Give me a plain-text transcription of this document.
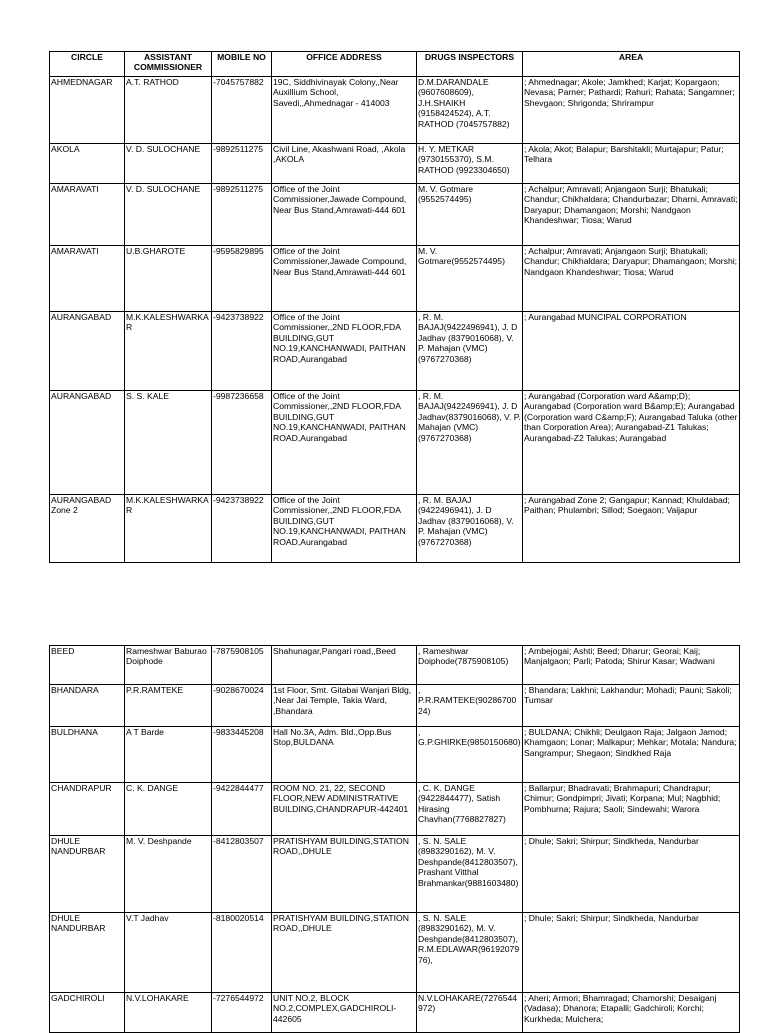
CIRCLE	ASSISTANT COMMISSIONER	MOBILE NO	OFFICE ADDRESS	DRUGS INSPECTORS	AREA
AHMEDNAGAR	A.T. RATHOD	-7045757882	19C, Siddhivinayak Colony,,Near Auxillium School, Savedi,,Ahmednagar - 414003	D.M.DARANDALE (9607608609), J.H.SHAIKH (9158424524), A.T. RATHOD (7045757882)	; Ahmednagar; Akole; Jamkhed; Karjat; Kopargaon; Nevasa; Parner; Pathardi; Rahuri; Rahata; Sangamner; Shevgaon; Shrigonda; Shrirampur
AKOLA	V. D. SULOCHANE	-9892511275	Civil Line, Akashwani Road, ,Akola ,AKOLA	H. Y. METKAR (9730155370), S.M. RATHOD (9923304650)	; Akola; Akot; Balapur; Barshitakli; Murtajapur; Patur; Telhara
AMARAVATI	V. D. SULOCHANE	-9892511275	Office of the Joint Commissioner,Jawade Compound, Near Bus Stand,Amrawati-444 601	M. V. Gotmare (9552574495)	; Achalpur; Amravati; Anjangaon Surji; Bhatukali; Chandur; Chikhaldara; Chandurbazar; Dharni, Amravati; Daryapur; Dhamangaon; Morshi; Nandgaon Khandeshwar; Tiosa; Warud
AMARAVATI	U.B.GHAROTE	-9595829895	Office of the Joint Commissioner,Jawade Compound, Near Bus Stand,Amrawati-444 601	M. V. Gotmare(9552574495)	; Achalpur; Amravati; Anjangaon Surji; Bhatukali; Chandur; Chikhaldara; Daryapur; Dhamangaon; Morshi; Nandgaon Khandeshwar; Tiosa; Warud
AURANGABAD	M.K.KALESHWARKAR	-9423738922	Office of the Joint Commissioner,,2ND FLOOR,FDA BUILDING,GUT NO.19,KANCHANWADI, PAITHAN ROAD,Aurangabad	, R. M. BAJAJ(9422496941), J. D Jadhav (8379016068), V. P. Mahajan (VMC) (9767270368)	; Aurangabad MUNCIPAL CORPORATION
AURANGABAD	S. S. KALE	-9987236658	Office of the Joint Commissioner,,2ND FLOOR,FDA BUILDING,GUT NO.19,KANCHANWADI, PAITHAN ROAD,Aurangabad	, R. M. BAJAJ(9422496941), J. D Jadhav(8379016068), V. P. Mahajan (VMC) (9767270368)	; Aurangabad (Corporation ward A&amp;D); Aurangabad (Corporation ward B&amp;E); Aurangabad (Corporation ward C&amp;F); Aurangabad Taluka (other than Corporation Area); Aurangabad-Z1 Talukas; Aurangabad-Z2 Talukas; Aurangabad
AURANGABAD Zone 2	M.K.KALESHWARKAR	-9423738922	Office of the Joint Commissioner,,2ND FLOOR,FDA BUILDING,GUT NO.19,KANCHANWADI, PAITHAN ROAD,Aurangabad	, R. M. BAJAJ (9422496941), J. D Jadhav (8379016068), V. P. Mahajan (VMC) (9767270368)	; Aurangabad Zone 2; Gangapur; Kannad; Khuldabad; Paithan; Phulambri; Sillod; Soegaon; Vaijapur
BEED	Rameshwar Baburao Doiphode	-7875908105	Shahunagar,Pangari road,,Beed	, Rameshwar Doiphode(7875908105)	; Ambejogai; Ashti; Beed; Dharur; Georai; Kaij; Manjalgaon; Parli; Patoda; Shirur Kasar; Wadwani
BHANDARA	P.R.RAMTEKE	-9028670024	1st Floor, Smt. Gitabai Wanjari Bldg, ,Near Jai Temple, Takia Ward, ,Bhandara	, P.R.RAMTEKE(9028670024)	; Bhandara; Lakhni; Lakhandur; Mohadi; Pauni; Sakoli; Tumsar
BULDHANA	A T Barde	-9833445208	Hall No.3A, Adm. Bld.,Opp.Bus Stop,BULDANA	, G.P.GHIRKE(9850150680)	; BULDANA; Chikhli; Deulgaon Raja; Jalgaon Jamod; Khamgaon; Lonar; Malkapur; Mehkar; Motala; Nandura; Sangrampur; Shegaon; Sindkhed Raja
CHANDRAPUR	C. K. DANGE	-9422844477	ROOM NO. 21, 22, SECOND FLOOR,NEW ADMINISTRATIVE BUILDING,CHANDRAPUR-442401	, C. K. DANGE (9422844477), Satish Hirasing Chavhan(7768827827)	; Ballarpur; Bhadravati; Brahmapuri; Chandrapur; Chimur; Gondpimpri; Jivati; Korpana; Mul; Nagbhid; Pombhurna; Rajura; Saoli; Sindewahi; Warora
DHULE NANDURBAR	M. V. Deshpande	-8412803507	PRATISHYAM BUILDING,STATION ROAD,,DHULE	, S. N. SALE (8983290162), M. V. Deshpande(8412803507), Prashant Vitthal Brahmankar(9881603480)	; Dhule; Sakri; Shirpur; Sindkheda, Nandurbar
DHULE NANDURBAR	V.T Jadhav	-8180020514	PRATISHYAM BUILDING,STATION ROAD,,DHULE	, S. N. SALE (8983290162), M. V. Deshpande(8412803507), R.M.EDLAWAR(9619207976),	; Dhule; Sakri; Shirpur; Sindkheda, Nandurbar
GADCHIROLI	N.V.LOHAKARE	-7276544972	UNIT NO.2, BLOCK NO.2,COMPLEX,GADCHIROLI-442605	N.V.LOHAKARE(7276544972)	; Aheri; Armori; Bhamragad; Chamorshi; Desaiganj (Vadasa); Dhanora; Etapalli; Gadchiroli; Korchi; Kurkheda; Mulchera;
